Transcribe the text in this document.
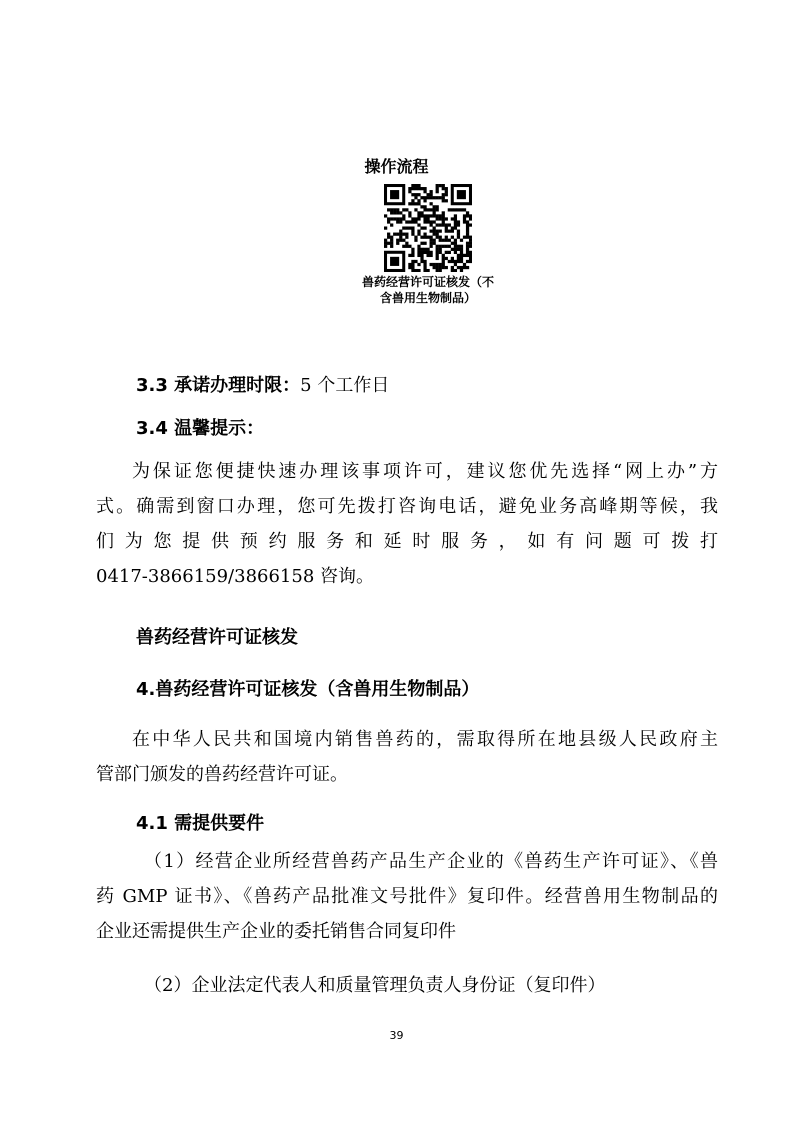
操作流程
兽药经营许可证核发（不
含兽用生物制品）
3.3 承诺办理时限：5 个工作日
3.4 温馨提示：
为保证您便捷快速办理该事项许可，建议您优先选择“网上办”方
式。确需到窗口办理，您可先拨打咨询电话，避免业务高峰期等候，我
们为您提供预约服务和延时服务，如有问题可拨打
0417-3866159/3866158 咨询。
兽药经营许可证核发
4.兽药经营许可证核发（含兽用生物制品）
在中华人民共和国境内销售兽药的，需取得所在地县级人民政府主
管部门颁发的兽药经营许可证。
4.1 需提供要件
（1）经营企业所经营兽药产品生产企业的《兽药生产许可证》、《兽
药 GMP 证书》、《兽药产品批准文号批件》复印件。经营兽用生物制品的
企业还需提供生产企业的委托销售合同复印件
（2）企业法定代表人和质量管理负责人身份证（复印件）
39
